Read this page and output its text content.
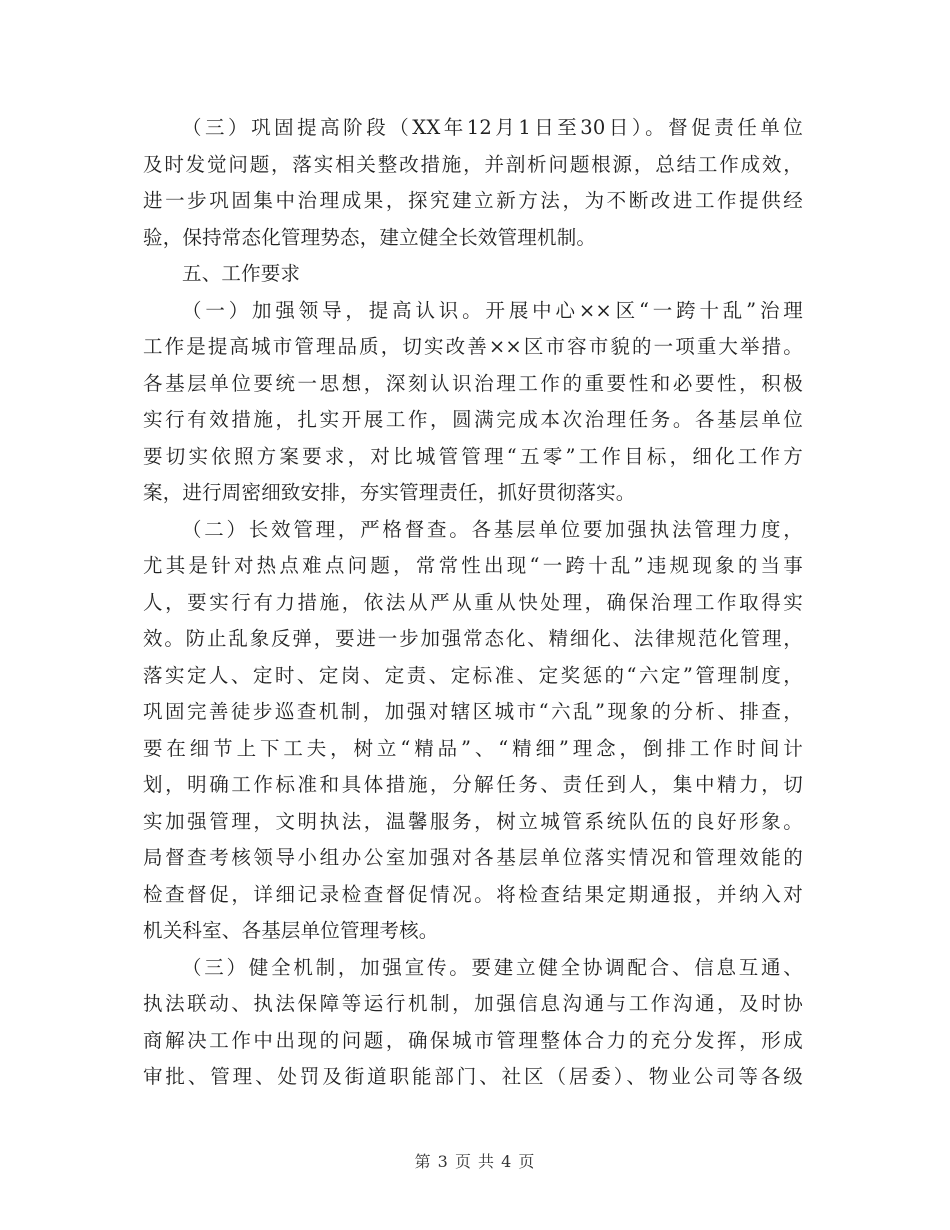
（三）巩固提高阶段（XX年12月1日至30日）。督促责任单位
及时发觉问题，落实相关整改措施，并剖析问题根源，总结工作成效，
进一步巩固集中治理成果，探究建立新方法，为不断改进工作提供经
验，保持常态化管理势态，建立健全长效管理机制。
五、工作要求
（一）加强领导，提高认识。开展中心××区“一跨十乱”治理
工作是提高城市管理品质，切实改善××区市容市貌的一项重大举措。
各基层单位要统一思想，深刻认识治理工作的重要性和必要性，积极
实行有效措施，扎实开展工作，圆满完成本次治理任务。各基层单位
要切实依照方案要求，对比城管管理“五零”工作目标，细化工作方
案，进行周密细致安排，夯实管理责任，抓好贯彻落实。
（二）长效管理，严格督查。各基层单位要加强执法管理力度，
尤其是针对热点难点问题，常常性出现“一跨十乱”违规现象的当事
人，要实行有力措施，依法从严从重从快处理，确保治理工作取得实
效。防止乱象反弹，要进一步加强常态化、精细化、法律规范化管理，
落实定人、定时、定岗、定责、定标准、定奖惩的“六定”管理制度，
巩固完善徒步巡查机制，加强对辖区城市“六乱”现象的分析、排查，
要在细节上下工夫，树立“精品”、“精细”理念，倒排工作时间计
划，明确工作标准和具体措施，分解任务、责任到人，集中精力，切
实加强管理，文明执法，温馨服务，树立城管系统队伍的良好形象。
局督查考核领导小组办公室加强对各基层单位落实情况和管理效能的
检查督促，详细记录检查督促情况。将检查结果定期通报，并纳入对
机关科室、各基层单位管理考核。
（三）健全机制，加强宣传。要建立健全协调配合、信息互通、
执法联动、执法保障等运行机制，加强信息沟通与工作沟通，及时协
商解决工作中出现的问题，确保城市管理整体合力的充分发挥，形成
审批、管理、处罚及街道职能部门、社区（居委）、物业公司等各级
第 3 页 共 4 页
